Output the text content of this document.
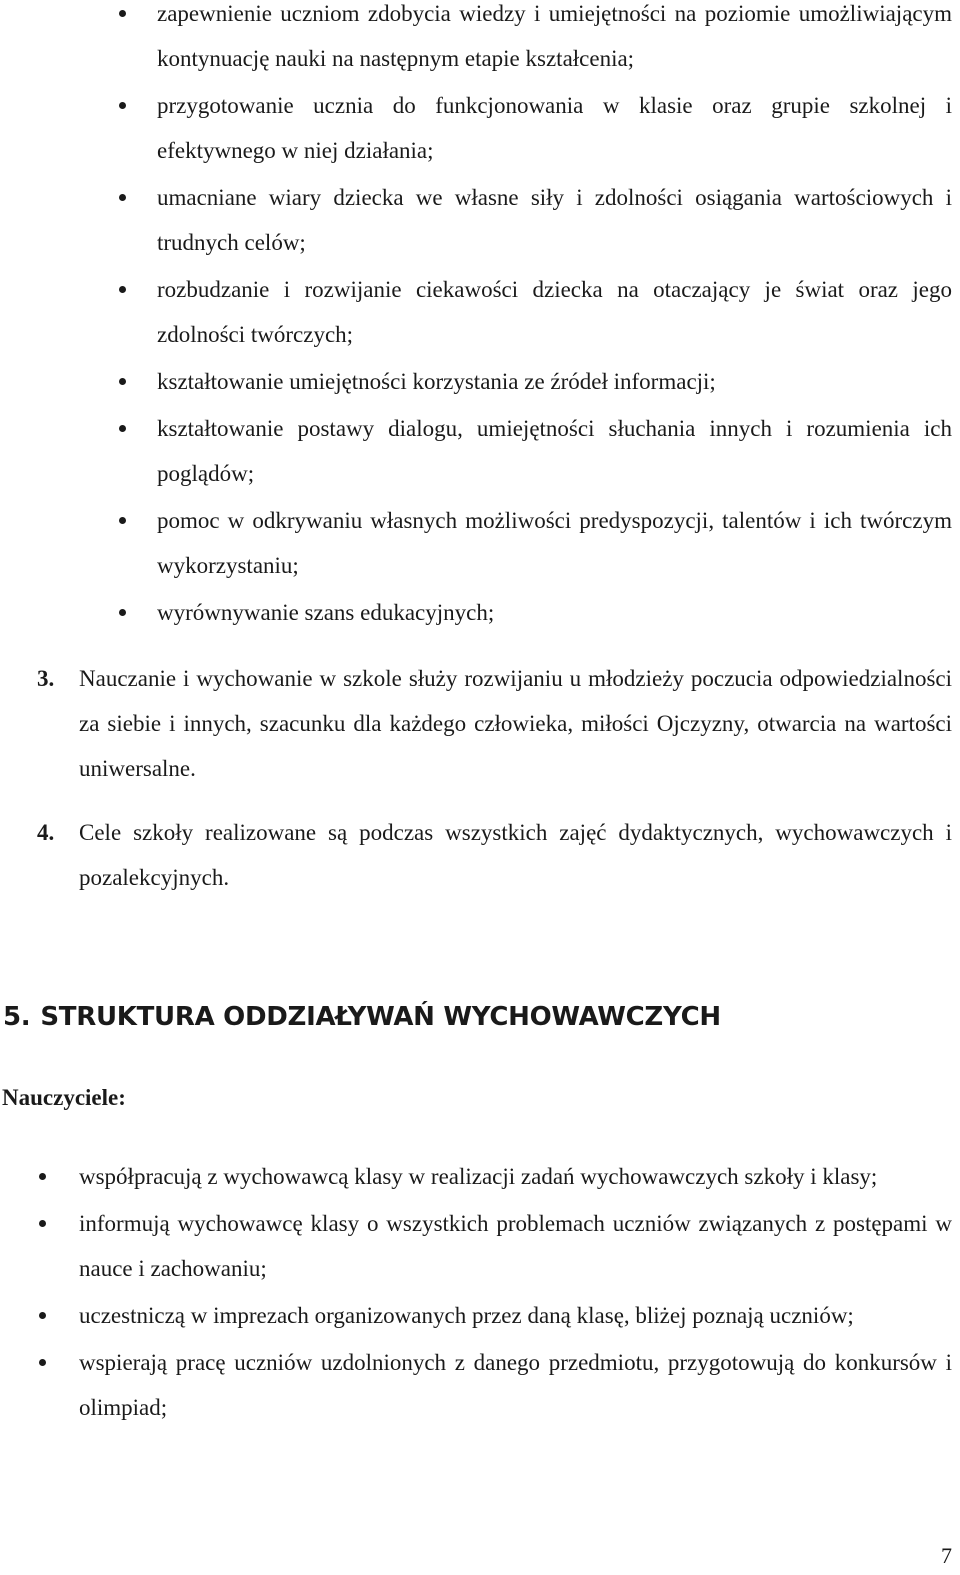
zapewnienie uczniom zdobycia wiedzy i umiejętności na poziomie umożliwiającym kontynuację nauki na następnym etapie kształcenia;
przygotowanie ucznia do funkcjonowania w klasie oraz grupie szkolnej i efektywnego w niej działania;
umacniane wiary dziecka we własne siły i zdolności osiągania wartościowych i trudnych celów;
rozbudzanie i rozwijanie ciekawości dziecka na otaczający je świat oraz jego zdolności twórczych;
kształtowanie umiejętności korzystania ze źródeł informacji;
kształtowanie postawy dialogu, umiejętności słuchania innych i rozumienia ich poglądów;
pomoc w odkrywaniu własnych możliwości predyspozycji, talentów i ich twórczym wykorzystaniu;
wyrównywanie szans edukacyjnych;
3. Nauczanie i wychowanie w szkole służy rozwijaniu u młodzieży poczucia odpowiedzialności za siebie i innych, szacunku dla każdego człowieka, miłości Ojczyzny, otwarcia na wartości uniwersalne.
4. Cele szkoły realizowane są podczas wszystkich zajęć dydaktycznych, wychowawczych i pozalekcyjnych.
5. STRUKTURA ODDZIAŁYWAŃ WYCHOWAWCZYCH
Nauczyciele:
współpracują z wychowawcą klasy w realizacji zadań wychowawczych szkoły i klasy;
informują wychowawcę klasy o wszystkich problemach uczniów związanych z postępami w nauce i zachowaniu;
uczestniczą w imprezach organizowanych przez daną klasę, bliżej poznają uczniów;
wspierają pracę uczniów uzdolnionych z danego przedmiotu, przygotowują do konkursów i olimpiad;
7
